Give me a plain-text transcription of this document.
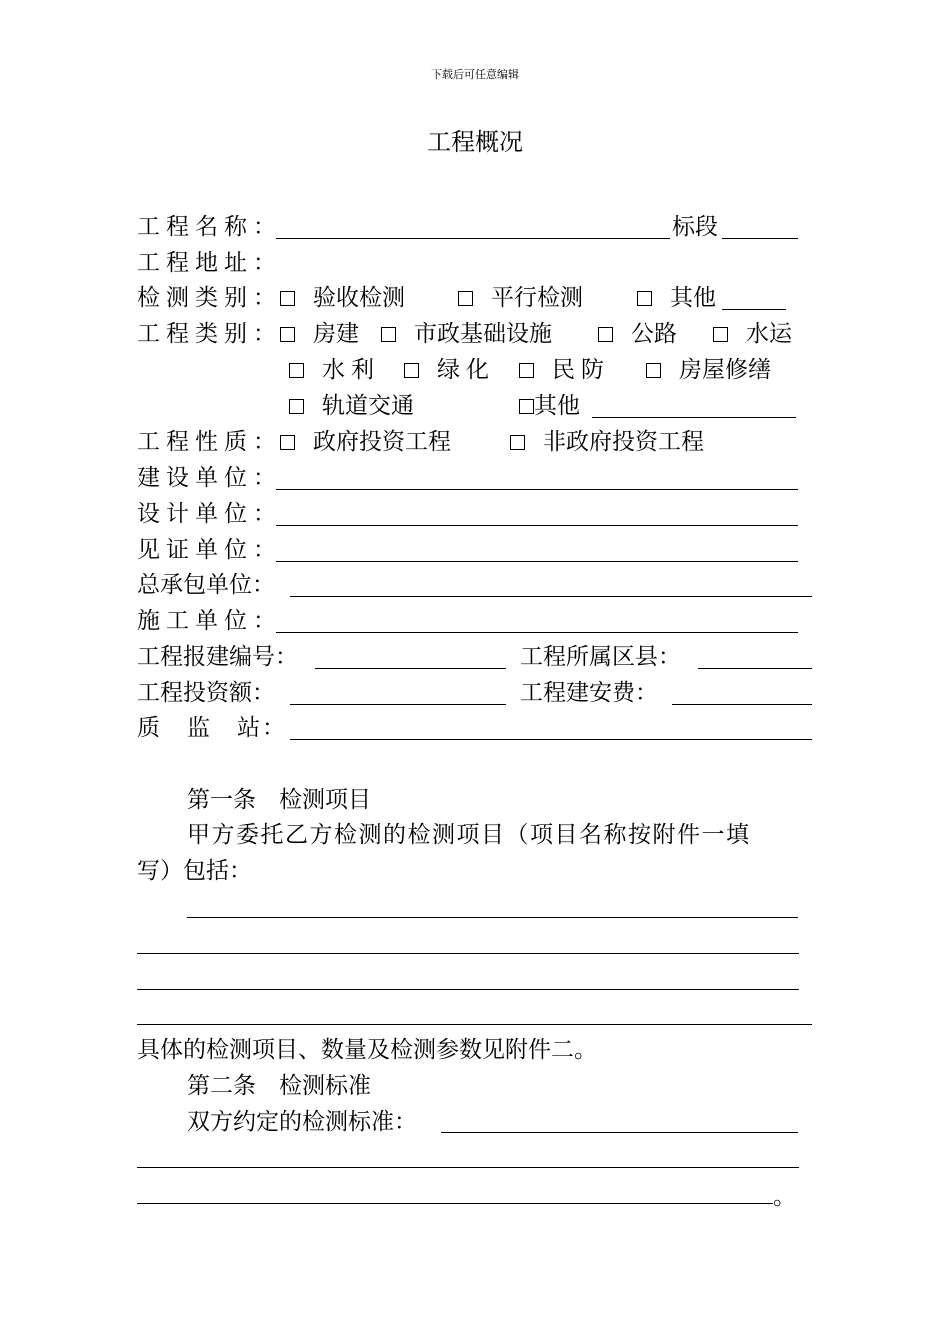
下载后可任意编辑
工程概况
工程名称：	标段
工程地址：
检测类别：	验收检测	平行检测	其他
工程类别：	房建	市政基础设施	公路	水运
水利	绿化	民防	房屋修缮
轨道交通	其他
工程性质：	政府投资工程	非政府投资工程
建设单位：
设计单位：
见证单位：
总承包单位：
施工单位：
工程报建编号：	工程所属区县：
工程投资额：	工程建安费：
质　监　站：
第一条　检测项目
甲方委托乙方检测的检测项目（项目名称按附件一填
写）包括：
具体的检测项目、数量及检测参数见附件二。
第二条　检测标准
双方约定的检测标准：
。
